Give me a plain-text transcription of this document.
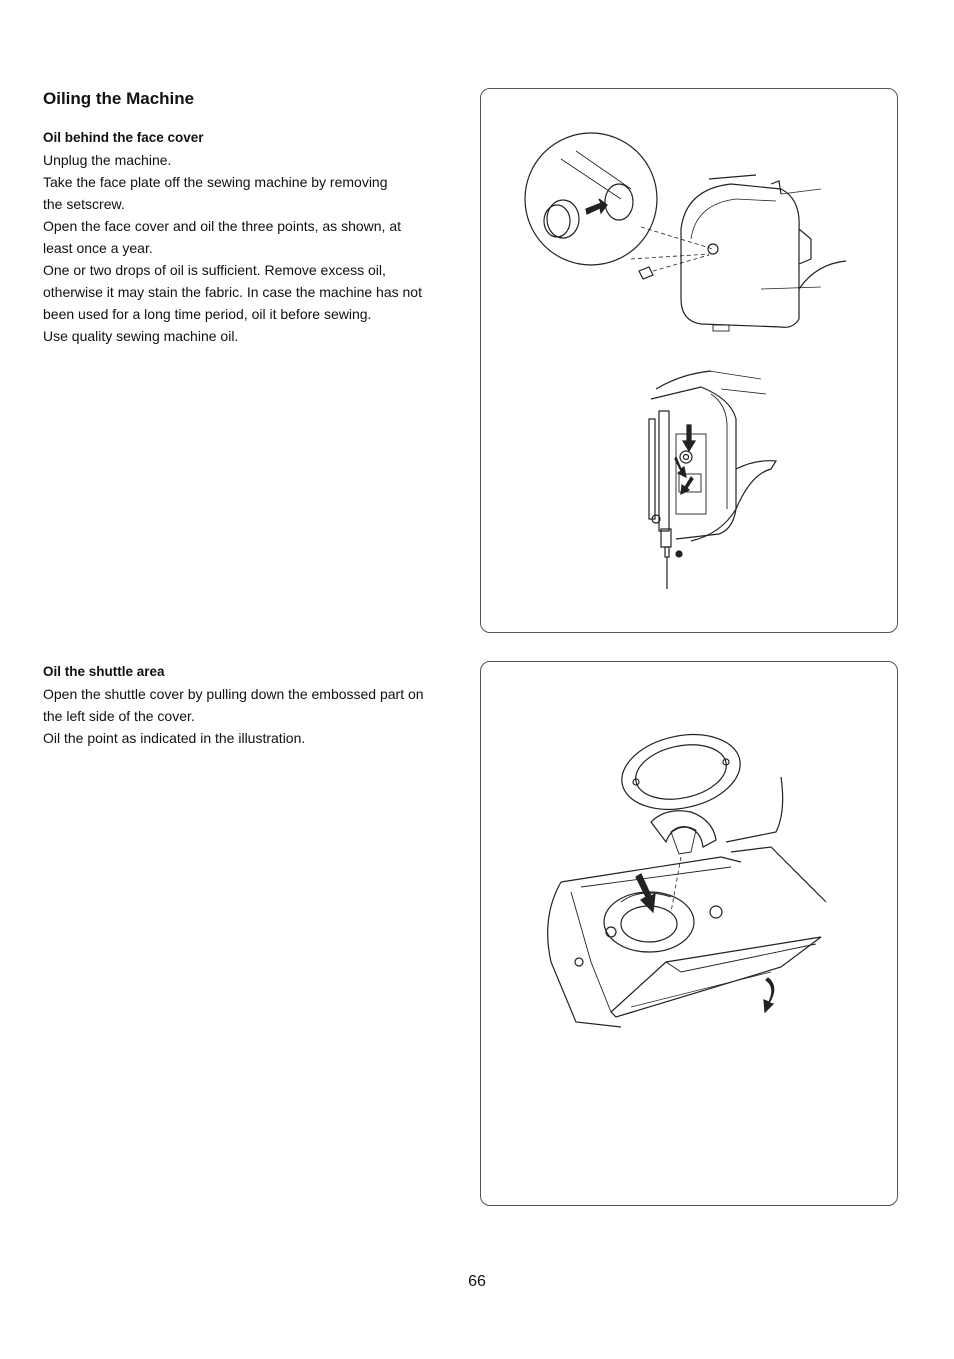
Oiling the Machine
Oil behind the face cover

Unplug the machine.

Take the face plate off the sewing machine by removing

the setscrew.

Open the face cover and oil the three points, as shown, at

least once a year.

One or two drops of oil is sufficient. Remove excess oil,

otherwise it may stain the fabric. In case the machine has not

been used for a long time period, oil it before sewing.

Use quality sewing machine oil.

Oil the shuttle area

Open the shuttle cover by pulling down the embossed part on

the left side of the cover.

Oil the point as indicated in the illustration.

66
